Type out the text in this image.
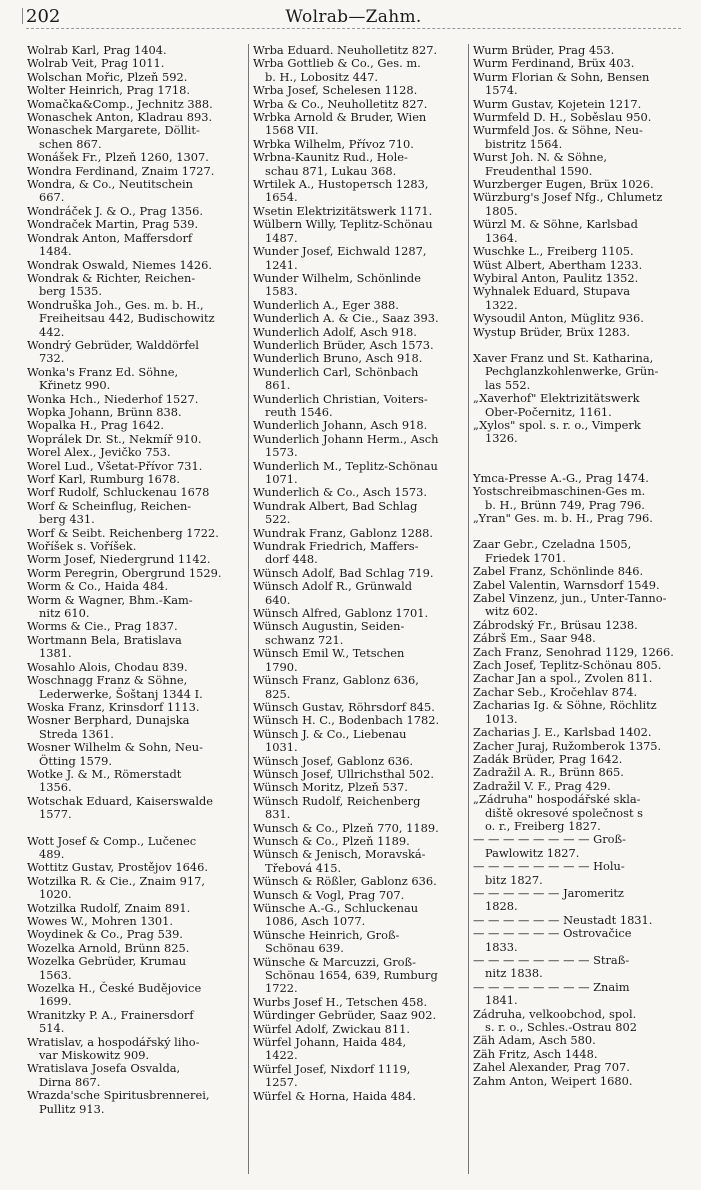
202	Wolrab—Zahm.
Wolrab Karl, Prag 1404.
Wolrab Veit, Prag 1011.
Wolschan Mořic, Plzeň 592.
Wolter Heinrich, Prag 1718.
Womačka&Comp., Jechnitz 388.
Wonaschek Anton, Kladrau 893.
Wonaschek Margarete, Döllit-
schen 867.
Wonášek Fr., Plzeň 1260, 1307.
Wondra Ferdinand, Znaim 1727.
Wondra, & Co., Neutitschein
667.
Wondráček J. & O., Prag 1356.
Wondraček Martin, Prag 539.
Wondrak Anton, Maffersdorf
1484.
Wondrak Oswald, Niemes 1426.
Wondrak & Richter, Reichen-
berg 1535.
Wondruška Joh., Ges. m. b. H.,
Freiheitsau 442, Budischowitz
442.
Wondrý Gebrüder, Walddörfel
732.
Wonka's Franz Ed. Söhne,
Křinetz 990.
Wonka Hch., Niederhof 1527.
Wopka Johann, Brünn 838.
Wopalka H., Prag 1642.
Woprálek Dr. St., Nekmíř 910.
Worel Alex., Jevičko 753.
Worel Lud., Všetat-Přívor 731.
Worf Karl, Rumburg 1678.
Worf Rudolf, Schluckenau 1678
Worf & Scheinflug, Reichen-
berg 431.
Worf & Seibt. Reichenberg 1722.
Woříšek s. Voříšek.
Worm Josef, Niedergrund 1142.
Worm Peregrin, Obergrund 1529.
Worm & Co., Haida 484.
Worm & Wagner, Bhm.-Kam-
nitz 610.
Worms & Cie., Prag 1837.
Wortmann Bela, Bratislava
1381.
Wosahlo Alois, Chodau 839.
Woschnagg Franz & Söhne,
Lederwerke, Šoštanj 1344 I.
Woska Franz, Krinsdorf 1113.
Wosner Berphard, Dunajska
Streda 1361.
Wosner Wilhelm & Sohn, Neu-
Ötting 1579.
Wotke J. & M., Römerstadt
1356.
Wotschak Eduard, Kaiserswalde
1577.
Wott Josef & Comp., Lučenec
489.
Wottitz Gustav, Prostějov 1646.
Wotzilka R. & Cie., Znaim 917,
1020.
Wotzilka Rudolf, Znaim 891.
Wowes W., Mohren 1301.
Woydinek & Co., Prag 539.
Wozelka Arnold, Brünn 825.
Wozelka Gebrüder, Krumau
1563.
Wozelka H., České Budějovice
1699.
Wranitzky P. A., Frainersdorf
514.
Wratislav, a hospodářský liho-
var Miskowitz 909.
Wratislava Josefa Osvalda,
Dirna 867.
Wrazda'sche Spiritusbrennerei,
Pullitz 913.
Wrba Eduard. Neuholletitz 827.
Wrba Gottlieb & Co., Ges. m.
b. H., Lobositz 447.
Wrba Josef, Schelesen 1128.
Wrba & Co., Neuholletitz 827.
Wrbka Arnold & Bruder, Wien
1568 VII.
Wrbka Wilhelm, Přívoz 710.
Wrbna-Kaunitz Rud., Hole-
schau 871, Lukau 368.
Wrtilek A., Hustopeтsch 1283,
1654.
Wsetin Elektrizitätswerk 1171.
Wülbern Willy, Teplitz-Schönau
1487.
Wunder Josef, Eichwald 1287,
1241.
Wunder Wilhelm, Schönlinde
1583.
Wunderlich A., Eger 388.
Wunderlich A. & Cie., Saaz 393.
Wunderlich Adolf, Asch 918.
Wunderlich Brüder, Asch 1573.
Wunderlich Bruno, Asch 918.
Wunderlich Carl, Schönbach
861.
Wunderlich Christian, Voiters-
reuth 1546.
Wunderlich Johann, Asch 918.
Wunderlich Johann Herm., Asch
1573.
Wunderlich M., Teplitz-Schönau
1071.
Wunderlich & Co., Asch 1573.
Wundrak Albert, Bad Schlag
522.
Wundrak Franz, Gablonz 1288.
Wundrak Friedrich, Maffers-
dorf 448.
Wünsch Adolf, Bad Schlag 719.
Wünsch Adolf R., Grünwald
640.
Wünsch Alfred, Gablonz 1701.
Wünsch Augustin, Seiden-
schwanz 721.
Wünsch Emil W., Tetschen
1790.
Wünsch Franz, Gablonz 636,
825.
Wünsch Gustav, Röhrsdorf 845.
Wünsch H. C., Bodenbach 1782.
Wünsch J. & Co., Liebenau
1031.
Wünsch Josef, Gablonz 636.
Wünsch Josef, Ullrichsthal 502.
Wünsch Moritz, Plzeň 537.
Wünsch Rudolf, Reichenberg
831.
Wunsch & Co., Plzeň 770, 1189.
Wunsch & Co., Plzeň 1189.
Wünsch & Jenisch, Moravská-
Třebová 415.
Wünsch & Rößler, Gablonz 636.
Wunsch & Vogl, Prag 707.
Wünsche A.-G., Schluckenau
1086, Asch 1077.
Wünsche Heinrich, Groß-
Schönau 639.
Wünsche & Marcuzzi, Groß-
Schönau 1654, 639, Rumburg
1722.
Wurbs Josef H., Tetschen 458.
Würdinger Gebrüder, Saaz 902.
Würfel Adolf, Zwickau 811.
Würfel Johann, Haida 484,
1422.
Würfel Josef, Nixdorf 1119,
1257.
Würfel & Horna, Haida 484.
Wurm Brüder, Prag 453.
Wurm Ferdinand, Brüx 403.
Wurm Florian & Sohn, Bensen
1574.
Wurm Gustav, Kojetein 1217.
Wurmfeld D. H., Soběslau 950.
Wurmfeld Jos. & Söhne, Neu-
bistritz 1564.
Wurst Joh. N. & Söhne,
Freudenthal 1590.
Wurzberger Eugen, Brüx 1026.
Würzburg's Josef Nfg., Chlumetz
1805.
Würzl M. & Söhne, Karlsbad
1364.
Wuschke L., Freiberg 1105.
Wüst Albert, Abertham 1233.
Wybiral Anton, Paulitz 1352.
Wyhnalek Eduard, Stupava
1322.
Wysoudil Anton, Müglitz 936.
Wystup Brüder, Brüx 1283.
Xaver Franz und St. Katharina,
Pechglanzkohlenwerke, Grün-
las 552.
„Xaverhof" Elektrizitätswerk
Ober-Počernitz, 1161.
„Xylos" spol. s. r. o., Vimperk
1326.
Ymca-Presse A.-G., Prag 1474.
Yostschreibmaschinen-Ges m.
b. H., Brünn 749, Prag 796.
„Yran" Ges. m. b. H., Prag 796.
Zaar Gebr., Czeladna 1505,
Friedek 1701.
Zabel Franz, Schönlinde 846.
Zabel Valentin, Warnsdorf 1549.
Zabel Vinzenz, jun., Unter-Tanno-
witz 602.
Zábrodský Fr., Brüsau 1238.
Zábrš Em., Saar 948.
Zach Franz, Senohrad 1129, 1266.
Zach Josef, Teplitz-Schönau 805.
Zachar Jan a spol., Zvolen 811.
Zachar Seb., Kročehlav 874.
Zacharias Ig. & Söhne, Röchlitz
1013.
Zacharias J. E., Karlsbad 1402.
Zacher Juraj, Ružomberok 1375.
Zadák Brüder, Prag 1642.
Zadražil A. R., Brünn 865.
Zadražil V. F., Prag 429.
„Zádruha" hospodářské skla-
diště okresové společnost s
o. r., Freiberg 1827.
— — — — — — — — Groß-
Pawlowitz 1827.
— — — — — — — — Holu-
bitz 1827.
— — — — — — Jaromeritz
1828.
— — — — — — Neustadt 1831.
— — — — — — Ostrovačice
1833.
— — — — — — — — Straß-
nitz 1838.
— — — — — — — — Znaim
1841.
Zádruha, velkoobchod, spol.
s. r. o., Schles.-Ostrau 802
Zäh Adam, Asch 580.
Zäh Fritz, Asch 1448.
Zahel Alexander, Prag 707.
Zahm Anton, Weipert 1680.
